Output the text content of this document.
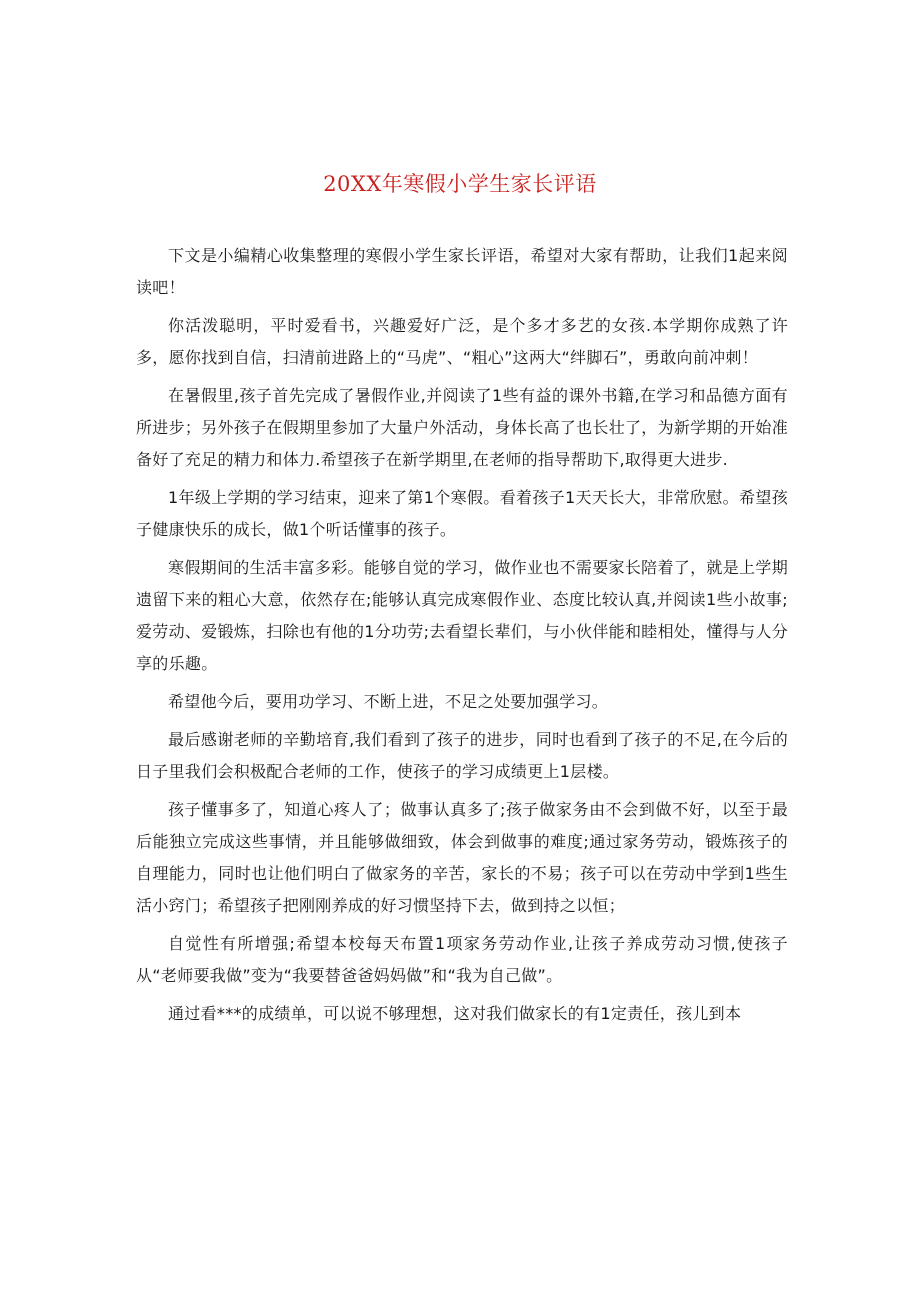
20XX年寒假小学生家长评语

下文是小编精心收集整理的寒假小学生家长评语，希望对大家有帮助，让我们1起来阅读吧！

你活泼聪明，平时爱看书，兴趣爱好广泛，是个多才多艺的女孩.本学期你成熟了许多，愿你找到自信，扫清前进路上的“马虎”、“粗心”这两大“绊脚石”，勇敢向前冲刺！

在暑假里,孩子首先完成了暑假作业,并阅读了1些有益的课外书籍,在学习和品德方面有所进步；另外孩子在假期里参加了大量户外活动，身体长高了也长壮了，为新学期的开始准备好了充足的精力和体力.希望孩子在新学期里,在老师的指导帮助下,取得更大进步.

1年级上学期的学习结束，迎来了第1个寒假。看着孩子1天天长大，非常欣慰。希望孩子健康快乐的成长，做1个听话懂事的孩子。

寒假期间的生活丰富多彩。能够自觉的学习，做作业也不需要家长陪着了，就是上学期遗留下来的粗心大意，依然存在;能够认真完成寒假作业、态度比较认真,并阅读1些小故事;爱劳动、爱锻炼，扫除也有他的1分功劳;去看望长辈们，与小伙伴能和睦相处，懂得与人分享的乐趣。

希望他今后，要用功学习、不断上进，不足之处要加强学习。

最后感谢老师的辛勤培育,我们看到了孩子的进步，同时也看到了孩子的不足,在今后的日子里我们会积极配合老师的工作，使孩子的学习成绩更上1层楼。

孩子懂事多了，知道心疼人了；做事认真多了;孩子做家务由不会到做不好，以至于最后能独立完成这些事情，并且能够做细致，体会到做事的难度;通过家务劳动，锻炼孩子的自理能力，同时也让他们明白了做家务的辛苦，家长的不易；孩子可以在劳动中学到1些生活小窍门；希望孩子把刚刚养成的好习惯坚持下去，做到持之以恒；

自觉性有所增强;希望本校每天布置1项家务劳动作业,让孩子养成劳动习惯,使孩子从“老师要我做”变为“我要替爸爸妈妈做”和“我为自己做”。

通过看***的成绩单，可以说不够理想，这对我们做家长的有1定责任，孩儿到本
